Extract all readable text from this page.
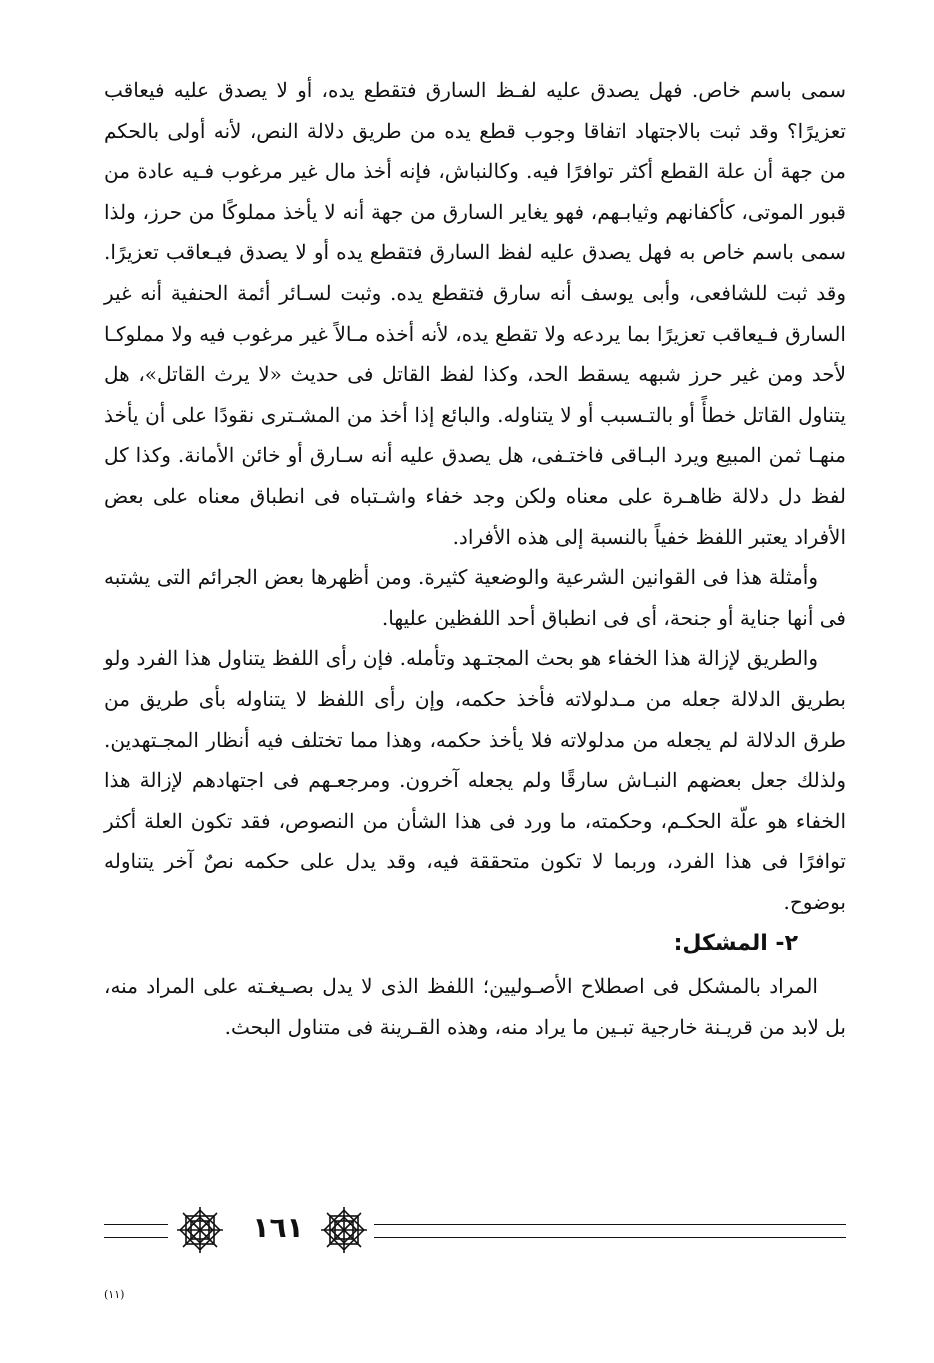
سمى باسم خاص. فهل يصدق عليه لفـظ السارق فتقطع يده، أو لا يصدق عليه فيعاقب تعزيرًا؟ وقد ثبت بالاجتهاد اتفاقا وجوب قطع يده من طريق دلالة النص، لأنه أولى بالحكم من جهة أن علة القطع أكثر توافرًا فيه. وكالنباش، فإنه أخذ مال غير مرغوب فـيه عادة من قبور الموتى، كأكفانهم وثيابـهم، فهو يغاير السارق من جهة أنه لا يأخذ مملوكًا من حرز، ولذا سمى باسم خاص به فهل يصدق عليه لفظ السارق فتقطع يده أو لا يصدق فيـعاقب تعزيرًا. وقد ثبت للشافعى، وأبى يوسف أنه سارق فتقطع يده. وثبت لسـائر أئمة الحنفية أنه غير السارق فـيعاقب تعزيرًا بما يردعه ولا تقطع يده، لأنه أخذه مـالاً غير مرغوب فيه ولا مملوكـا لأحد ومن غير حرز شبهه يسقط الحد، وكذا لفظ القاتل فى حديث «لا يرث القاتل»، هل يتناول القاتل خطأً أو بالتـسبب أو لا يتناوله. والبائع إذا أخذ من المشـترى نقودًا على أن يأخذ منهـا ثمن المبيع ويرد البـاقى فاختـفى، هل يصدق عليه أنه سـارق أو خائن الأمانة. وكذا كل لفظ دل دلالة ظاهـرة على معناه ولكن وجد خفاء واشـتباه فى انطباق معناه على بعض الأفراد يعتبر اللفظ خفياً بالنسبة إلى هذه الأفراد.

وأمثلة هذا فى القوانين الشرعية والوضعية كثيرة. ومن أظهرها بعض الجرائم التى يشتبه فى أنها جناية أو جنحة، أى فى انطباق أحد اللفظين عليها.

والطريق لإزالة هذا الخفاء هو بحث المجتـهد وتأمله. فإن رأى اللفظ يتناول هذا الفرد ولو بطريق الدلالة جعله من مـدلولاته فأخذ حكمه، وإن رأى اللفظ لا يتناوله بأى طريق من طرق الدلالة لم يجعله من مدلولاته فلا يأخذ حكمه، وهذا مما تختلف فيه أنظار المجـتهدين. ولذلك جعل بعضهم النبـاش سارقًا ولم يجعله آخرون. ومرجعـهم فى اجتهادهم لإزالة هذا الخفاء هو علّة الحكـم، وحكمته، ما ورد فى هذا الشأن من النصوص، فقد تكون العلة أكثر توافرًا فى هذا الفرد، وربما لا تكون متحققة فيه، وقد يدل على حكمه نصٌ آخر يتناوله بوضوح.

٢- المشكل:

المراد بالمشكل فى اصطلاح الأصـوليين؛ اللفظ الذى لا يدل بصـيغـته على المراد منه، بل لابد من قريـنة خارجية تبـين ما يراد منه، وهذه القـرينة فى متناول البحث.

١٦١
(١١)
